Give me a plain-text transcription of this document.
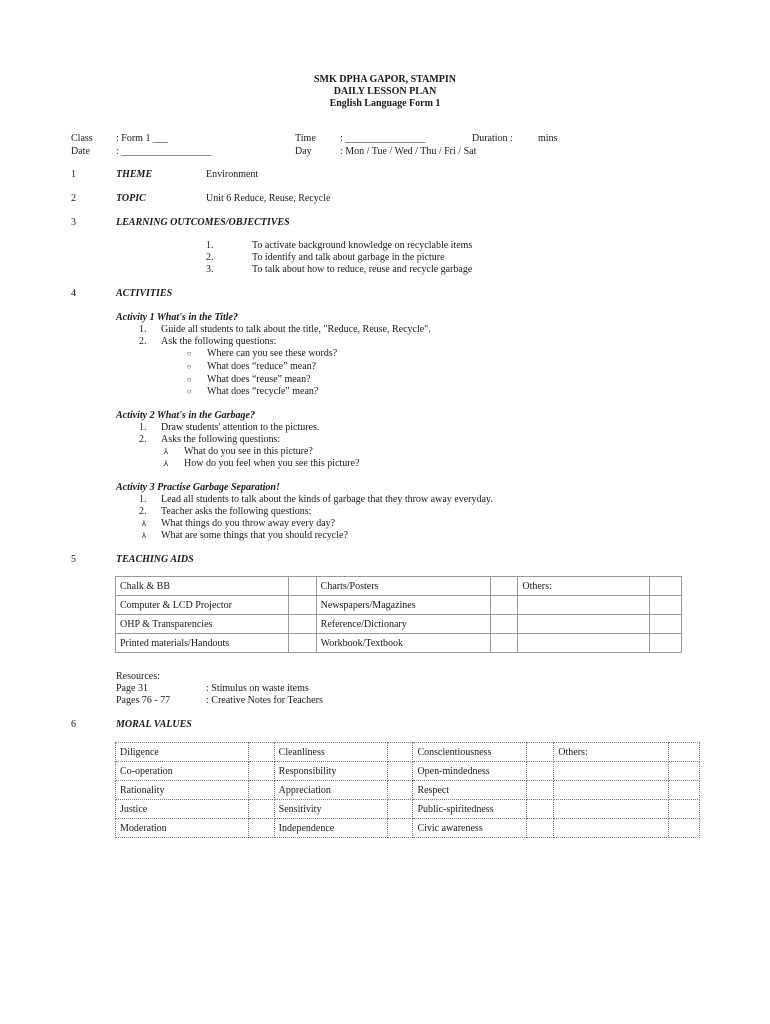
SMK DPHA GAPOR, STAMPIN
DAILY LESSON PLAN
English Language Form 1
Class : Form 1 ___
Date	: __________________
Time : ________________	Duration :	mins
Day	: Mon / Tue / Wed / Thu / Fri / Sat
1	THEME	Environment
2	TOPIC	Unit 6 Reduce, Reuse, Recycle
3	LEARNING OUTCOMES/OBJECTIVES
1.	To activate background knowledge on recyclable items
2.	To identify and talk about garbage in the picture
3.	To talk about how to reduce, reuse and recycle garbage
4	ACTIVITIES
Activity 1 What's in the Title?
1. Guide all students to talk about the title, "Reduce, Reuse, Recycle".
2. Ask the following questions:
○	Where can you see these words?
○	What does “reduce” mean?
○	What does “reuse” mean?
○	What does “recycle” mean?
Activity 2 What's in the Garbage?
1. Draw students' attention to the pictures.
2. Asks the following questions:
⅄	What do you see in this picture?
⅄	How do you feel when you see this picture?
Activity 3 Practise Garbage Separation!
1. Lead all students to talk about the kinds of garbage that they throw away everyday.
2. Teacher asks the following questions:
⅄	What things do you throw away every day?
⅄	What are some things that you should recycle?
5	TEACHING AIDS
Chalk & BB		Charts/Posters		Others:	
Computer & LCD Projector		Newspapers/Magazines			
OHP & Transparencies		Reference/Dictionary			
Printed materials/Handouts		Workbook/Textbook			
Resources:
Page 31	: Stimulus on waste items
Pages 76 - 77	: Creative Notes for Teachers
6	MORAL VALUES
Diligence		Cleanliness		Conscientiousness		Others:	
Co-operation		Responsibility		Open-mindedness			
Rationality		Appreciation		Respect			
Justice		Sensitivity		Public-spiritedness			
Moderation		Independence		Civic awareness			
